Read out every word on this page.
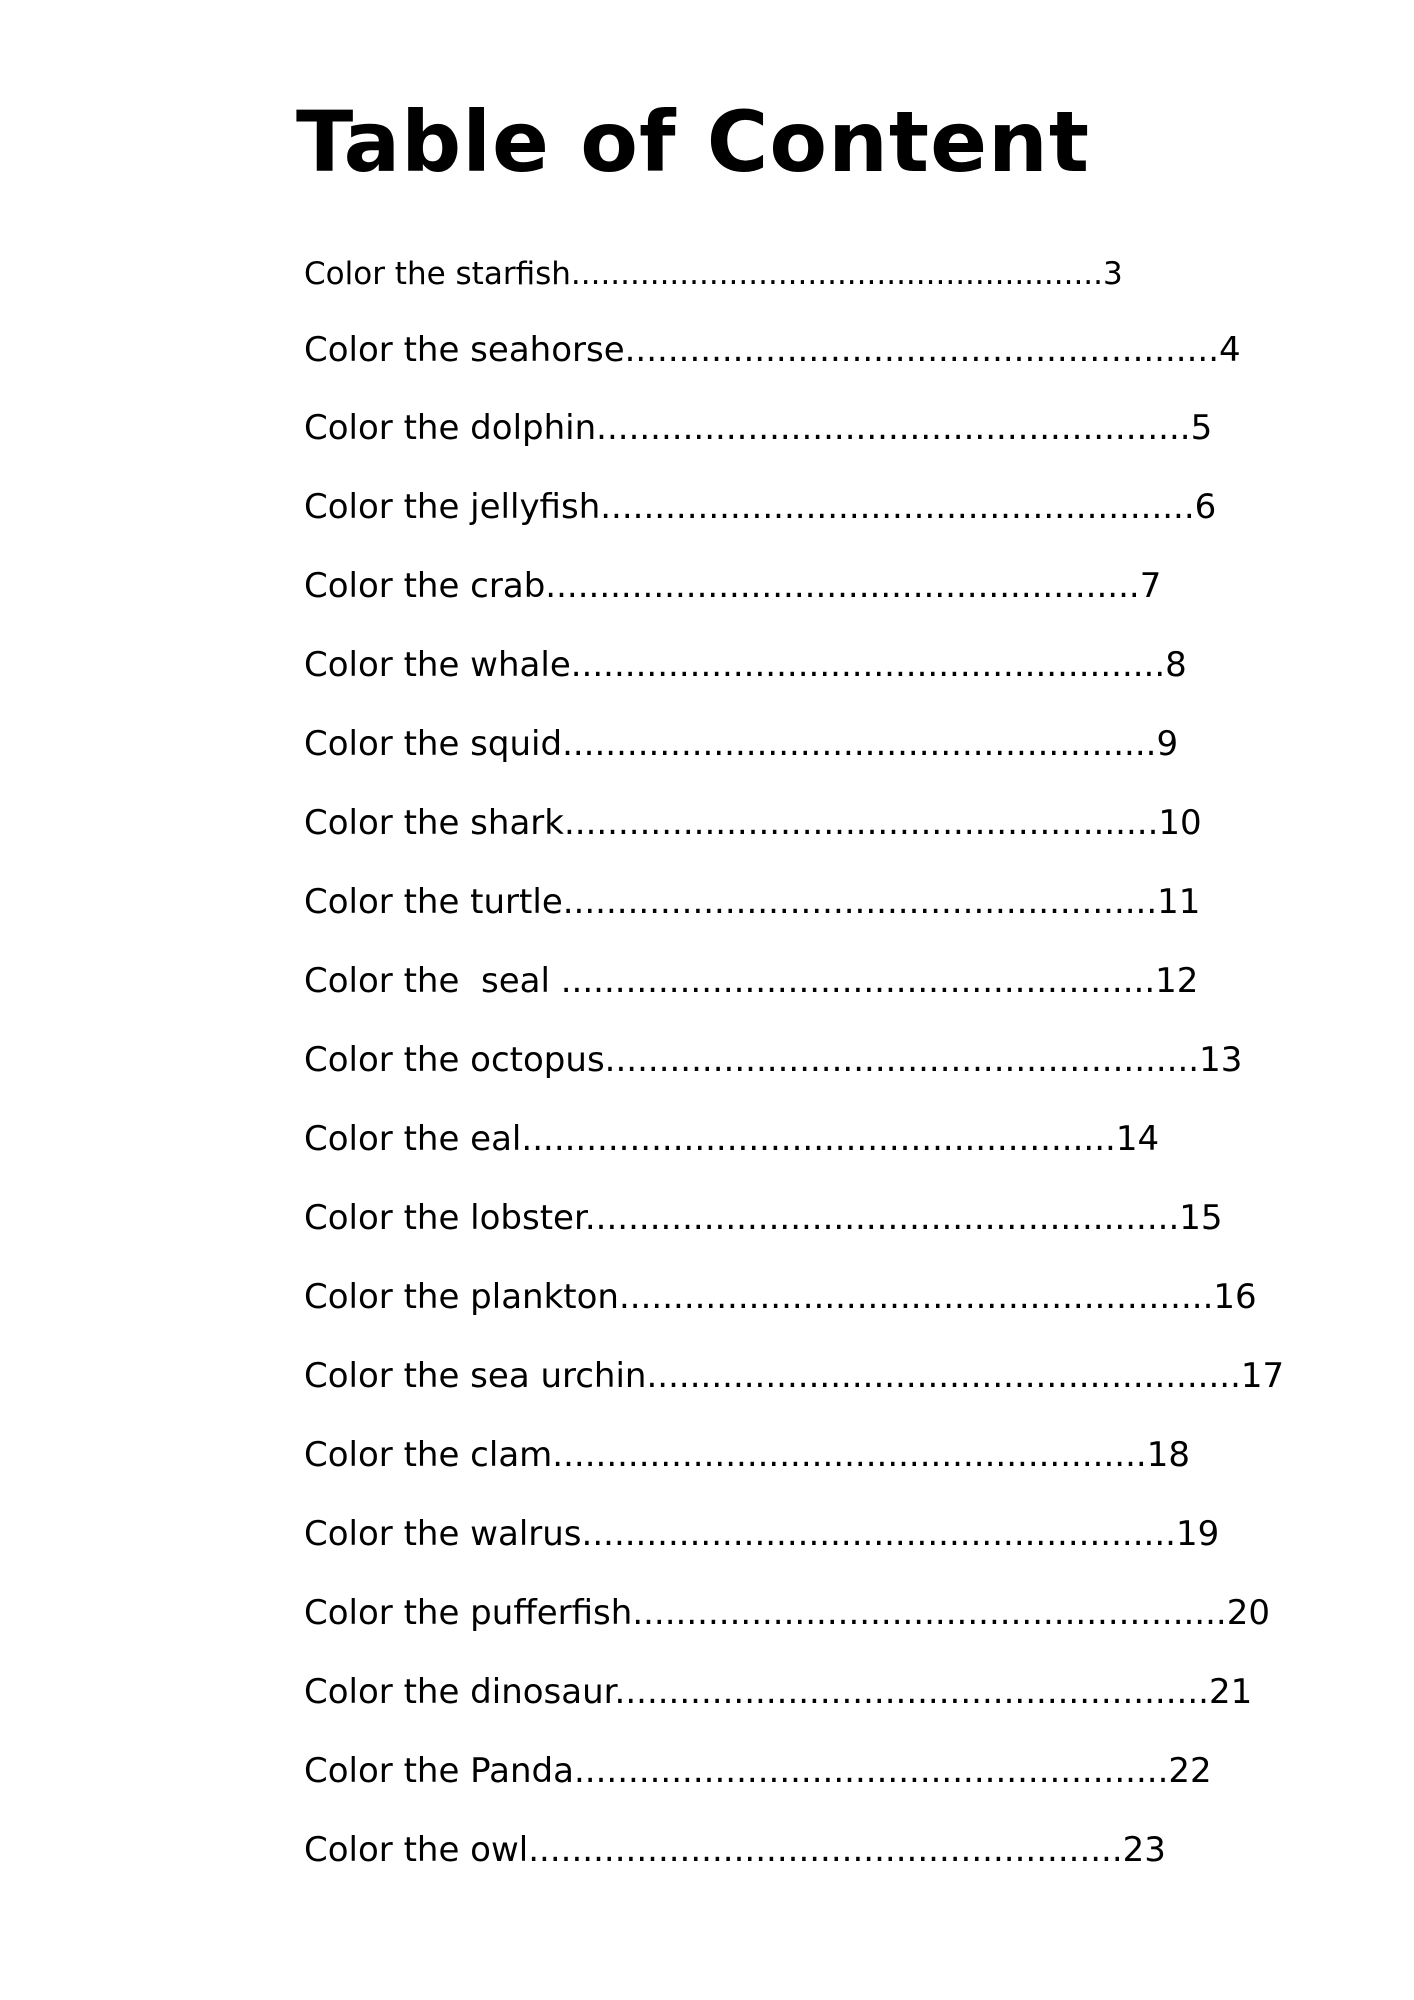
Table of Content
Color the starfish......................................................3
Color the seahorse.......................................................4
Color the dolphin.......................................................5
Color the jellyfish.......................................................6
Color the crab.......................................................7
Color the whale.......................................................8
Color the squid.......................................................9
Color the shark.......................................................10
Color the turtle.......................................................11
Color the  seal .......................................................12
Color the octopus.......................................................13
Color the eal.......................................................14
Color the lobster.......................................................15
Color the plankton.......................................................16
Color the sea urchin.......................................................17
Color the clam.......................................................18
Color the walrus.......................................................19
Color the pufferfish.......................................................20
Color the dinosaur.......................................................21
Color the Panda.......................................................22
Color the owl.......................................................23
